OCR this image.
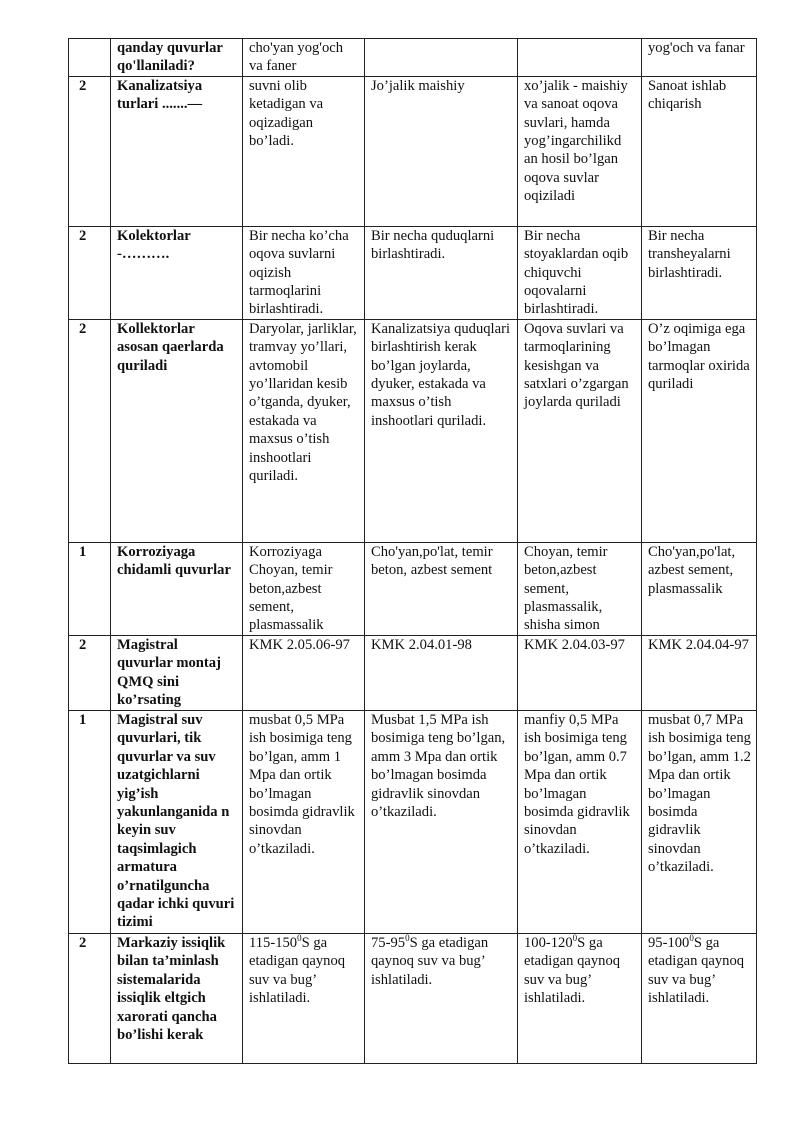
	qanday quvurlar qo'llaniladi?	cho'yan yog'och va faner			yog'och va fanar
2	Kanalizatsiya turlari .......—	suvni olib ketadigan va oqizadigan bo’ladi.	Jo’jalik maishiy	xo’jalik - maishiy va sanoat oqova suvlari, hamda yog’ingarchilikd an hosil bo’lgan oqova suvlar oqiziladi	Sanoat ishlab chiqarish
2	Kolektorlar -……….	Bir necha ko’cha oqova suvlarni oqizish tarmoqlarini birlashtiradi.	Bir necha quduqlarni birlashtiradi.	Bir necha stoyaklardan oqib chiquvchi oqovalarni birlashtiradi.	Bir necha transheyalarni birlashtiradi.
2	Kollektorlar asosan qaerlarda quriladi	Daryolar, jarliklar, tramvay yo’llari, avtomobil yo’llaridan kesib o’tganda, dyuker, estakada va maxsus o’tish inshootlari quriladi.	Kanalizatsiya quduqlari birlashtirish kerak bo’lgan joylarda, dyuker, estakada va maxsus o’tish inshootlari quriladi.	Oqova suvlari va tarmoqlarining kesishgan va satxlari o’zgargan joylarda quriladi	O’z oqimiga ega bo’lmagan tarmoqlar oxirida quriladi
1	Korroziyaga chidamli quvurlar	Korroziyaga Choyan, temir beton,azbest sement, plasmassalik	Cho'yan,po'lat, temir beton, azbest sement	Choyan, temir beton,azbest sement, plasmassalik, shisha simon	Cho'yan,po'lat, azbest sement, plasmassalik
2	Magistral quvurlar montaj QMQ sini ko’rsating	KMK 2.05.06-97	KMK 2.04.01-98	KMK 2.04.03-97	KMK 2.04.04-97
1	Magistral suv quvurlari, tik quvurlar va suv uzatgichlarni yig’ish yakunlanganida n keyin suv taqsimlagich armatura o’rnatilguncha qadar ichki quvuri tizimi	musbat 0,5 MPa ish bosimiga teng bo’lgan, amm 1 Mpa dan ortik bo’lmagan bosimda gidravlik sinovdan o’tkaziladi.	Musbat 1,5 MPa ish bosimiga teng bo’lgan, amm 3 Mpa dan ortik bo’lmagan bosimda gidravlik sinovdan o’tkaziladi.	manfiy 0,5 MPa ish bosimiga teng bo’lgan, amm 0.7 Mpa dan ortik bo’lmagan bosimda gidravlik sinovdan o’tkaziladi.	musbat 0,7 MPa ish bosimiga teng bo’lgan, amm 1.2 Mpa dan ortik bo’lmagan bosimda gidravlik sinovdan o’tkaziladi.
2	Markaziy issiqlik bilan ta’minlash sistemalarida issiqlik eltgich xarorati qancha bo’lishi kerak	$115-150^0S$ ga etadigan qaynoq suv va bug’ ishlatiladi.	$75-95^0S$ ga etadigan qaynoq suv va bug’ ishlatiladi.	$100-120^0S$ ga etadigan qaynoq suv va bug’ ishlatiladi.	$95-100^0S$ ga etadigan qaynoq suv va bug’ ishlatiladi.
